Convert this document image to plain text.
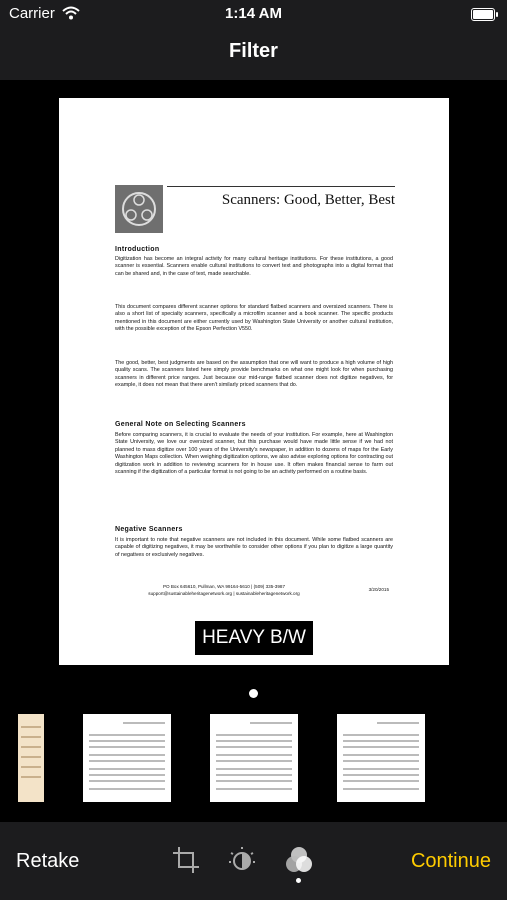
Carrier	1:14 AM
Filter
Scanners: Good, Better, Best
Introduction

Digitization has become an integral activity for many cultural heritage institutions. For these institutions, a good scanner is essential. Scanners enable cultural institutions to convert text and photographs into a digital format that can be shared and, in the case of text, made searchable.

This document compares different scanner options for standard flatbed scanners and oversized scanners. There is also a short list of specialty scanners, specifically a microfilm scanner and a book scanner. The specific products mentioned in this document are either currently used by Washington State University or another cultural institution, with the possible exception of the Epson Perfection V550.

The good, better, best judgments are based on the assumption that one will want to produce a high volume of high quality scans. The scanners listed here simply provide benchmarks on what one might look for when purchasing scanners in different price ranges. Just because our mid-range flatbed scanner does not digitize negatives, for example, it does not mean that there aren't similarly priced scanners that do.

General Note on Selecting Scanners

Before comparing scanners, it is crucial to evaluate the needs of your institution. For example, here at Washington State University, we love our oversized scanner, but this purchase would have made little sense if we had not planned to mass digitize over 100 years of the University's newspaper, in addition to dozens of maps for the Early Washington Maps collection. When weighing digitization options, we also advise exploring options for contracting out digitization work in addition to reviewing scanners for in house use. It often makes financial sense to farm out scanning if the digitization of a particular format is not going to be an activity performed on a routine basis.

Negative Scanners

It is important to note that negative scanners are not included in this document. While some flatbed scanners are capable of digitizing negatives, it may be worthwhile to consider other options if you plan to digitize a large quantity of negatives or exclusively negatives.

PO Box 645610, Pullman, WA 99164-5610 | (509) 335-3987
support@sustainableheritagenetwork.org | sustainableheritagenetwork.org
3/20/2015
HEAVY B/W
Retake	Continue
